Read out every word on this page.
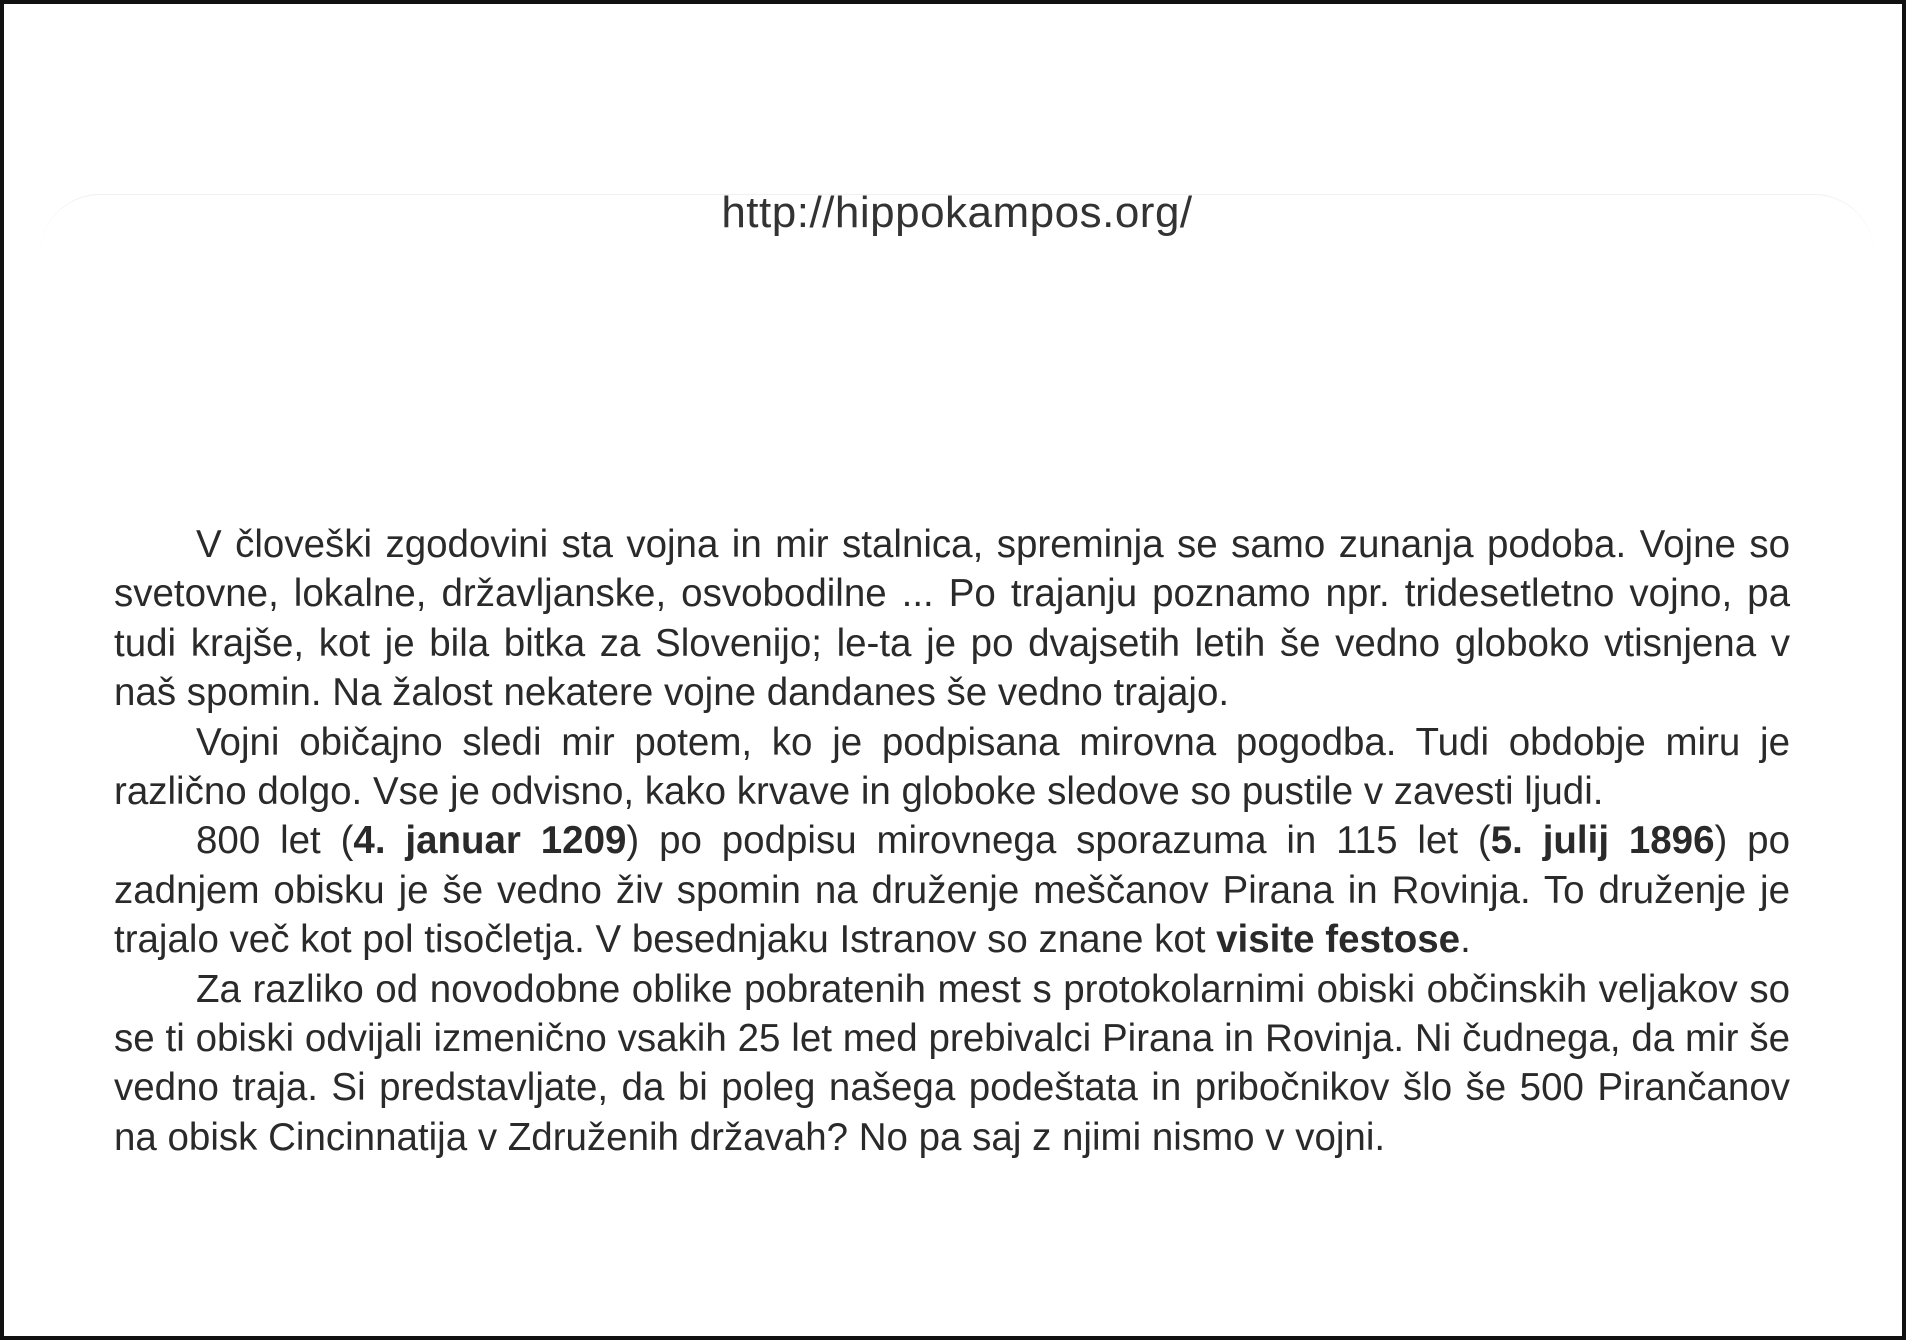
http://hippokampos.org/

V človeški zgodovini sta vojna in mir stalnica, spreminja se samo zunanja podoba. Vojne so svetovne, lokalne, državljanske, osvobodilne ... Po trajanju poznamo npr. tridesetletno vojno, pa tudi krajše, kot je bila bitka za Slovenijo; le-ta je po dvajsetih letih še vedno globoko vtisnjena v naš spomin. Na žalost nekatere vojne dandanes še vedno trajajo.

Vojni običajno sledi mir potem, ko je podpisana mirovna pogodba. Tudi obdobje miru je različno dolgo. Vse je odvisno, kako krvave in globoke sledove so pustile v zavesti ljudi.

800 let (4. januar 1209) po podpisu mirovnega sporazuma in 115 let (5. julij 1896) po zadnjem obisku je še vedno živ spomin na druženje meščanov Pirana in Rovinja. To druženje je trajalo več kot pol tisočletja. V besednjaku Istranov so znane kot visite festose.

Za razliko od novodobne oblike pobratenih mest s protokolarnimi obiski občinskih veljakov so se ti obiski odvijali izmenično vsakih 25 let med prebivalci Pirana in Rovinja. Ni čudnega, da mir še vedno traja. Si predstavljate, da bi poleg našega podeštata in pribočnikov šlo še 500 Pirančanov na obisk Cincinnatija v Združenih državah? No pa saj z njimi nismo v vojni.
